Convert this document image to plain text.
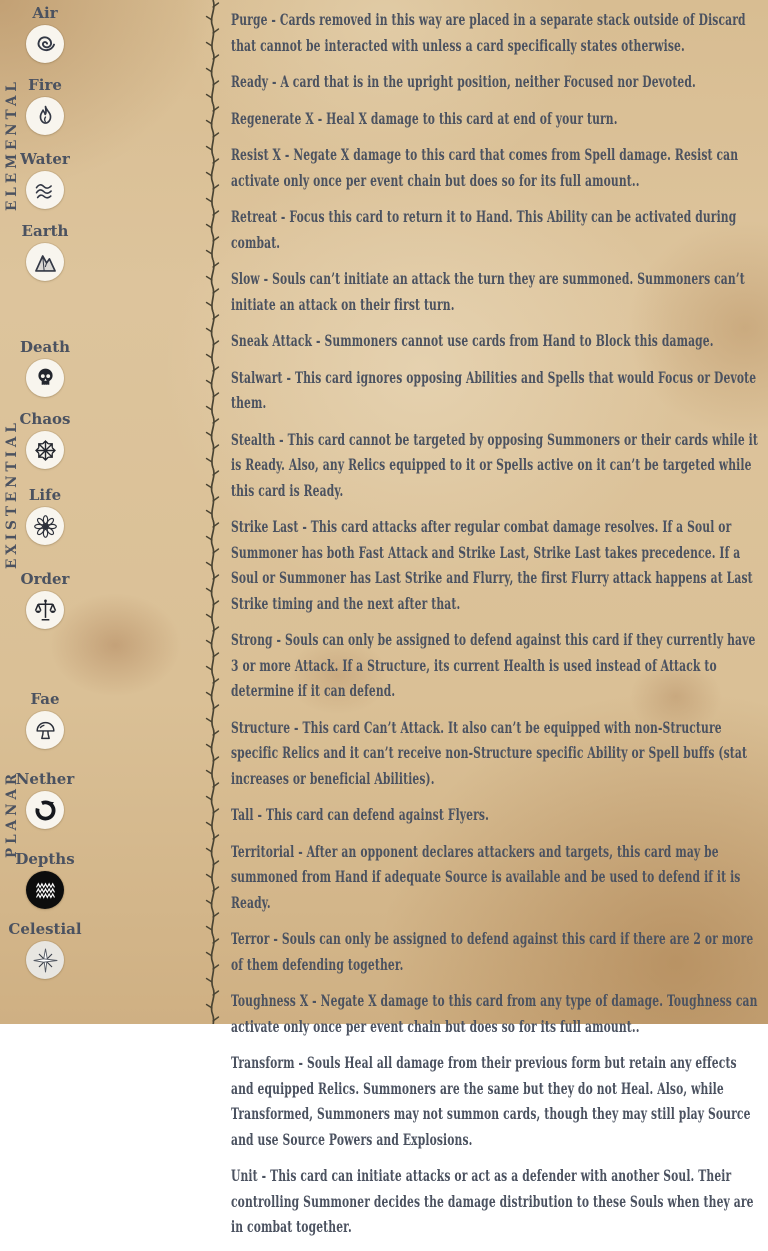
ELEMENTAL
EXISTENTIAL
PLANAR
Air
Fire
Water
Earth
Death
Chaos
Life
Order
Fae
Nether
Depths
Celestial

Purge - Cards removed in this way are placed in a separate stack outside of Discard that cannot be interacted with unless a card specifically states otherwise.

Ready - A card that is in the upright position, neither Focused nor Devoted.

Regenerate X - Heal X damage to this card at end of your turn.

Resist X - Negate X damage to this card that comes from Spell damage. Resist can activate only once per event chain but does so for its full amount..

Retreat - Focus this card to return it to Hand. This Ability can be activated during combat.

Slow - Souls can’t initiate an attack the turn they are summoned. Summoners can’t initiate an attack on their first turn.

Sneak Attack - Summoners cannot use cards from Hand to Block this damage.

Stalwart - This card ignores opposing Abilities and Spells that would Focus or Devote them.

Stealth - This card cannot be targeted by opposing Summoners or their cards while it is Ready. Also, any Relics equipped to it or Spells active on it can’t be targeted while this card is Ready.

Strike Last - This card attacks after regular combat damage resolves. If a Soul or Summoner has both Fast Attack and Strike Last, Strike Last takes precedence. If a Soul or Summoner has Last Strike and Flurry, the first Flurry attack happens at Last Strike timing and the next after that.

Strong - Souls can only be assigned to defend against this card if they currently have 3 or more Attack. If a Structure, its current Health is used instead of Attack to determine if it can defend.

Structure - This card Can’t Attack. It also can’t be equipped with non-Structure specific Relics and it can’t receive non-Structure specific Ability or Spell buffs (stat increases or beneficial Abilities).

Tall - This card can defend against Flyers.

Territorial - After an opponent declares attackers and targets, this card may be summoned from Hand if adequate Source is available and be used to defend if it is Ready.

Terror - Souls can only be assigned to defend against this card if there are 2 or more of them defending together.

Toughness X - Negate X damage to this card from any type of damage. Toughness can activate only once per event chain but does so for its full amount..

Transform - Souls Heal all damage from their previous form but retain any effects and equipped Relics. Summoners are the same but they do not Heal. Also, while Transformed, Summoners may not summon cards, though they may still play Source and use Source Powers and Explosions.

Unit - This card can initiate attacks or act as a defender with another Soul. Their controlling Summoner decides the damage distribution to these Souls when they are in combat together.
